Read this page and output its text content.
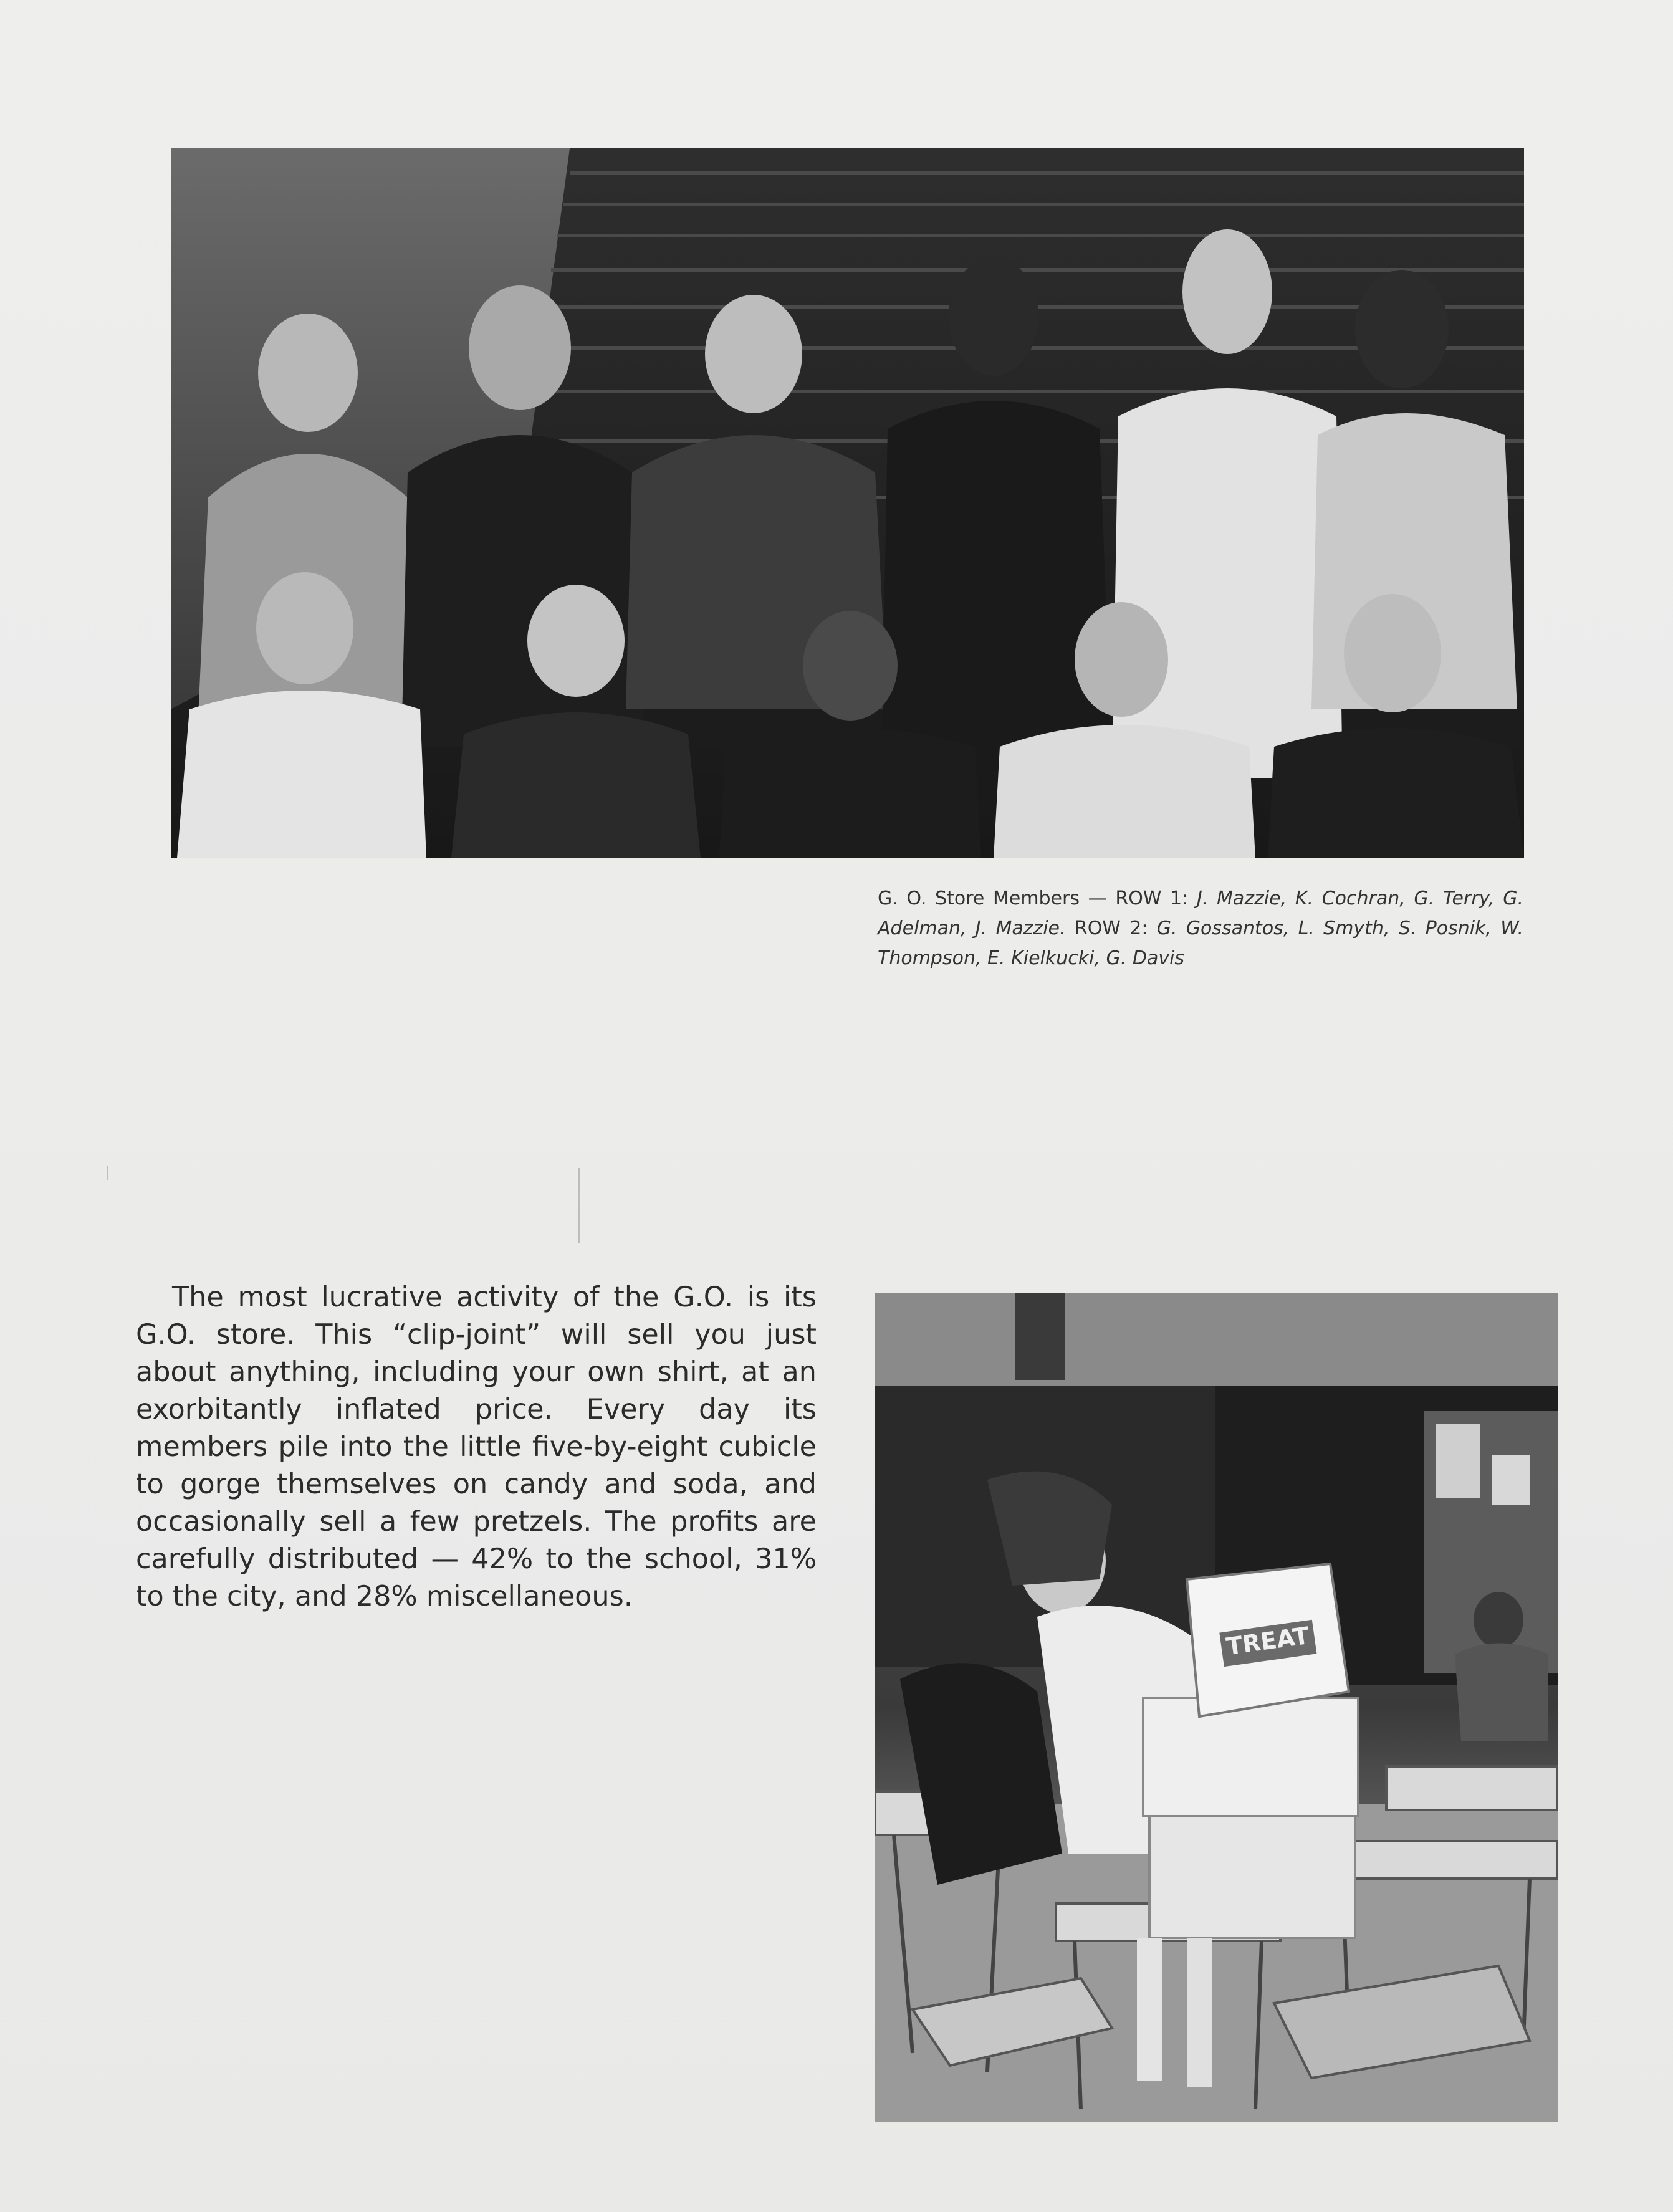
G. O. Store Members — ROW 1: J. Mazzie, K. Cochran, G. Terry, G. Adelman, J. Mazzie. ROW 2: G. Gossantos, L. Smyth, S. Posnik, W. Thompson, E. Kielkucki, G. Davis
The most lucrative activity of the G.O. is its G.O. store. This “clip-joint” will sell you just about anything, including your own shirt, at an exorbitantly inflated price. Every day its members pile into the little five-by-eight cubicle to gorge themselves on candy and soda, and occasionally sell a few pretzels. The profits are carefully distributed — 42% to the school, 31% to the city, and 28% miscellaneous.
TREAT
